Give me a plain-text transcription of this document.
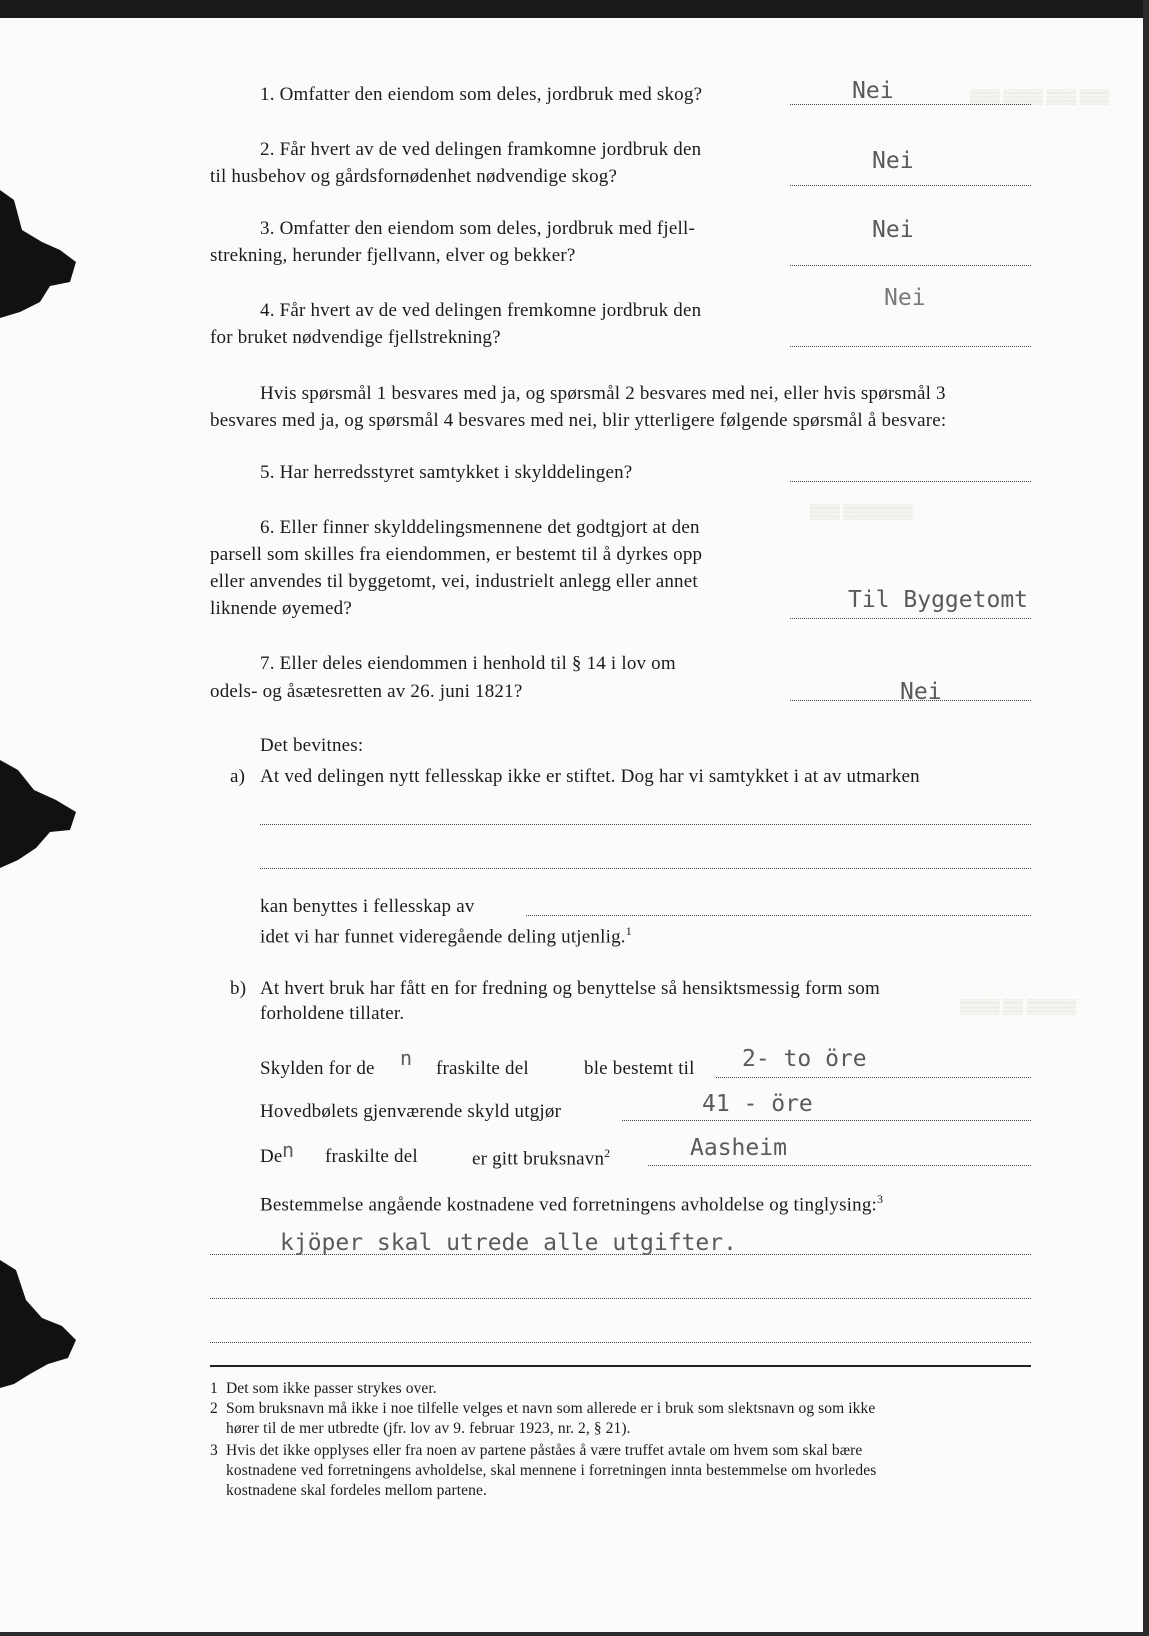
▒▒▒ ▒▒▒▒ ▒▒▒ ▒▒▒
▒▒▒ ▒▒▒▒▒▒▒
▒▒▒▒ ▒▒ ▒▒▒▒▒
1. Omfatter den eiendom som deles, jordbruk med skog?	Nei
2. Får hvert av de ved delingen framkomne jordbruk den
til husbehov og gårdsfornødenhet nødvendige skog?
Nei
3. Omfatter den eiendom som deles, jordbruk med fjell-
strekning, herunder fjellvann, elver og bekker?
Nei
4. Får hvert av de ved delingen fremkomne jordbruk den
for bruket nødvendige fjellstrekning?
Nei
Hvis spørsmål 1 besvares med ja, og spørsmål 2 besvares med nei, eller hvis spørsmål 3
besvares med ja, og spørsmål 4 besvares med nei, blir ytterligere følgende spørsmål å besvare:
5. Har herredsstyret samtykket i skylddelingen?
6. Eller finner skylddelingsmennene det godtgjort at den
parsell som skilles fra eiendommen, er bestemt til å dyrkes opp
eller anvendes til byggetomt, vei, industrielt anlegg eller annet
liknende øyemed?	Til Byggetomt
7. Eller deles eiendommen i henhold til § 14 i lov om
odels- og åsætesretten av 26. juni 1821?	Nei
Det bevitnes:
a) At ved delingen nytt fellesskap ikke er stiftet. Dog har vi samtykket i at av utmarken
kan benyttes i fellesskap av
idet vi har funnet videregående deling utjenlig.$^1$
b) At hvert bruk har fått en for fredning og benyttelse så hensiktsmessig form som
forholdene tillater.
Skylden for de n fraskilte del	ble bestemt til 2- to öre
Hovedbølets gjenværende skyld utgjør	41 - öre
De n fraskilte del	er gitt bruksnavn$^2$	Aasheim
Bestemmelse angående kostnadene ved forretningens avholdelse og tinglysing:$^3$
kjöper skal utrede alle utgifter.
1 Det som ikke passer strykes over.
2 Som bruksnavn må ikke i noe tilfelle velges et navn som allerede er i bruk som slektsnavn og som ikke
hører til de mer utbredte (jfr. lov av 9. februar 1923, nr. 2, § 21).
3 Hvis det ikke opplyses eller fra noen av partene påståes å være truffet avtale om hvem som skal bære
kostnadene ved forretningens avholdelse, skal mennene i forretningen innta bestemmelse om hvorledes
kostnadene skal fordeles mellom partene.
